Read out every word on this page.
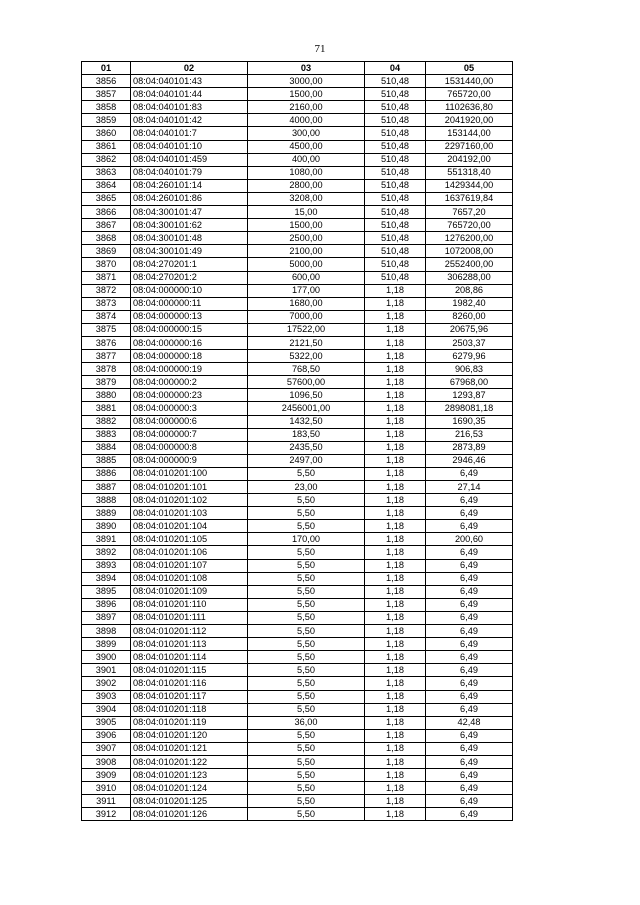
71
01	02	03	04	05
3856	08:04:040101:43	3000,00	510,48	1531440,00
3857	08:04:040101:44	1500,00	510,48	765720,00
3858	08:04:040101:83	2160,00	510,48	1102636,80
3859	08:04:040101:42	4000,00	510,48	2041920,00
3860	08:04:040101:7	300,00	510,48	153144,00
3861	08:04:040101:10	4500,00	510,48	2297160,00
3862	08:04:040101:459	400,00	510,48	204192,00
3863	08:04:040101:79	1080,00	510,48	551318,40
3864	08:04:260101:14	2800,00	510,48	1429344,00
3865	08:04:260101:86	3208,00	510,48	1637619,84
3866	08:04:300101:47	15,00	510,48	7657,20
3867	08:04:300101:62	1500,00	510,48	765720,00
3868	08:04:300101:48	2500,00	510,48	1276200,00
3869	08:04:300101:49	2100,00	510,48	1072008,00
3870	08:04:270201:1	5000,00	510,48	2552400,00
3871	08:04:270201:2	600,00	510,48	306288,00
3872	08:04:000000:10	177,00	1,18	208,86
3873	08:04:000000:11	1680,00	1,18	1982,40
3874	08:04:000000:13	7000,00	1,18	8260,00
3875	08:04:000000:15	17522,00	1,18	20675,96
3876	08:04:000000:16	2121,50	1,18	2503,37
3877	08:04:000000:18	5322,00	1,18	6279,96
3878	08:04:000000:19	768,50	1,18	906,83
3879	08:04:000000:2	57600,00	1,18	67968,00
3880	08:04:000000:23	1096,50	1,18	1293,87
3881	08:04:000000:3	2456001,00	1,18	2898081,18
3882	08:04:000000:6	1432,50	1,18	1690,35
3883	08:04:000000:7	183,50	1,18	216,53
3884	08:04:000000:8	2435,50	1,18	2873,89
3885	08:04:000000:9	2497,00	1,18	2946,46
3886	08:04:010201:100	5,50	1,18	6,49
3887	08:04:010201:101	23,00	1,18	27,14
3888	08:04:010201:102	5,50	1,18	6,49
3889	08:04:010201:103	5,50	1,18	6,49
3890	08:04:010201:104	5,50	1,18	6,49
3891	08:04:010201:105	170,00	1,18	200,60
3892	08:04:010201:106	5,50	1,18	6,49
3893	08:04:010201:107	5,50	1,18	6,49
3894	08:04:010201:108	5,50	1,18	6,49
3895	08:04:010201:109	5,50	1,18	6,49
3896	08:04:010201:110	5,50	1,18	6,49
3897	08:04:010201:111	5,50	1,18	6,49
3898	08:04:010201:112	5,50	1,18	6,49
3899	08:04:010201:113	5,50	1,18	6,49
3900	08:04:010201:114	5,50	1,18	6,49
3901	08:04:010201:115	5,50	1,18	6,49
3902	08:04:010201:116	5,50	1,18	6,49
3903	08:04:010201:117	5,50	1,18	6,49
3904	08:04:010201:118	5,50	1,18	6,49
3905	08:04:010201:119	36,00	1,18	42,48
3906	08:04:010201:120	5,50	1,18	6,49
3907	08:04:010201:121	5,50	1,18	6,49
3908	08:04:010201:122	5,50	1,18	6,49
3909	08:04:010201:123	5,50	1,18	6,49
3910	08:04:010201:124	5,50	1,18	6,49
3911	08:04:010201:125	5,50	1,18	6,49
3912	08:04:010201:126	5,50	1,18	6,49
